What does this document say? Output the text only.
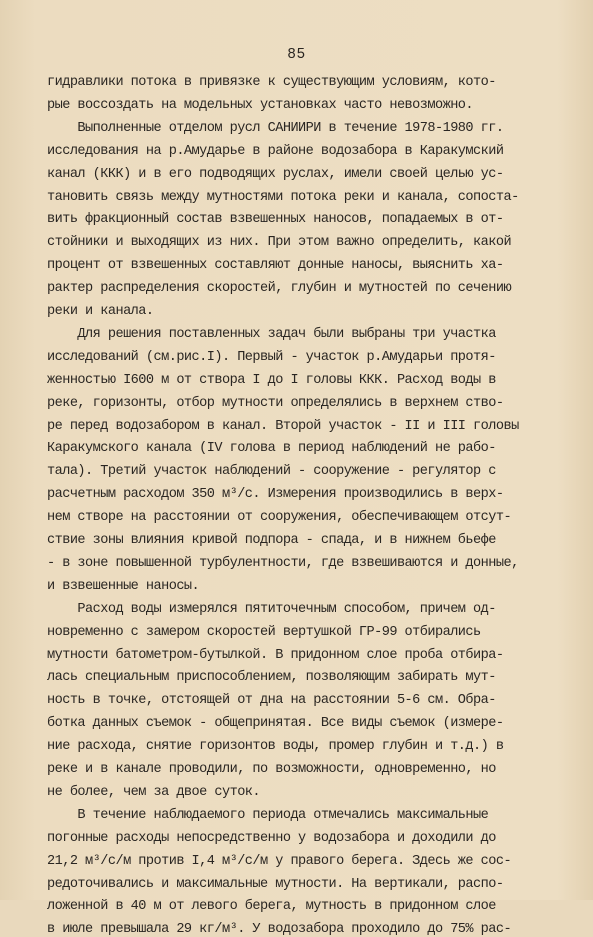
85
гидравлики потока в привязке к существующим условиям, кото-
рые воссоздать на модельных установках часто невозможно.
Выполненные отделом русл САНИИРИ в течение 1978-1980 гг.
исследования на р.Амударье в районе водозабора в Каракумский
канал (ККК) и в его подводящих руслах, имели своей целью ус-
тановить связь между мутностями потока реки и канала, сопоста-
вить фракционный состав взвешенных наносов, попадаемых в от-
стойники и выходящих из них. При этом важно определить, какой
процент от взвешенных составляют донные наносы, выяснить ха-
рактер распределения скоростей, глубин и мутностей по сечению
реки и канала.
Для решения поставленных задач были выбраны три участка
исследований (см.рис.I). Первый - участок р.Амударьи протя-
женностью I600 м от створа I до I головы ККК. Расход воды в
реке, горизонты, отбор мутности определялись в верхнем ство-
ре перед водозабором в канал. Второй участок - II и III головы
Каракумского канала (IV голова в период наблюдений не рабо-
тала). Третий участок наблюдений - сооружение - регулятор с
расчетным расходом 350 м³/с. Измерения производились в верх-
нем створе на расстоянии от сооружения, обеспечивающем отсут-
ствие зоны влияния кривой подпора - спада, и в нижнем бьефе
- в зоне повышенной турбулентности, где взвешиваются и донные,
и взвешенные наносы.
Расход воды измерялся пятиточечным способом, причем од-
новременно с замером скоростей вертушкой ГР-99 отбирались
мутности батометром-бутылкой. В придонном слое проба отбира-
лась специальным приспособлением, позволяющим забирать мут-
ность в точке, отстоящей от дна на расстоянии 5-6 см. Обра-
ботка данных съемок - общепринятая. Все виды съемок (измере-
ние расхода, снятие горизонтов воды, промер глубин и т.д.) в
реке и в канале проводили, по возможности, одновременно, но
не более, чем за двое суток.
В течение наблюдаемого периода отмечались максимальные
погонные расходы непосредственно у водозабора и доходили до
21,2 м³/с/м против I,4 м³/с/м у правого берега. Здесь же сос-
редоточивались и максимальные мутности. На вертикали, распо-
ложенной в 40 м от левого берега, мутность в придонном слое
в июле превышала 29 кг/м³. У водозабора проходило до 75% рас-
